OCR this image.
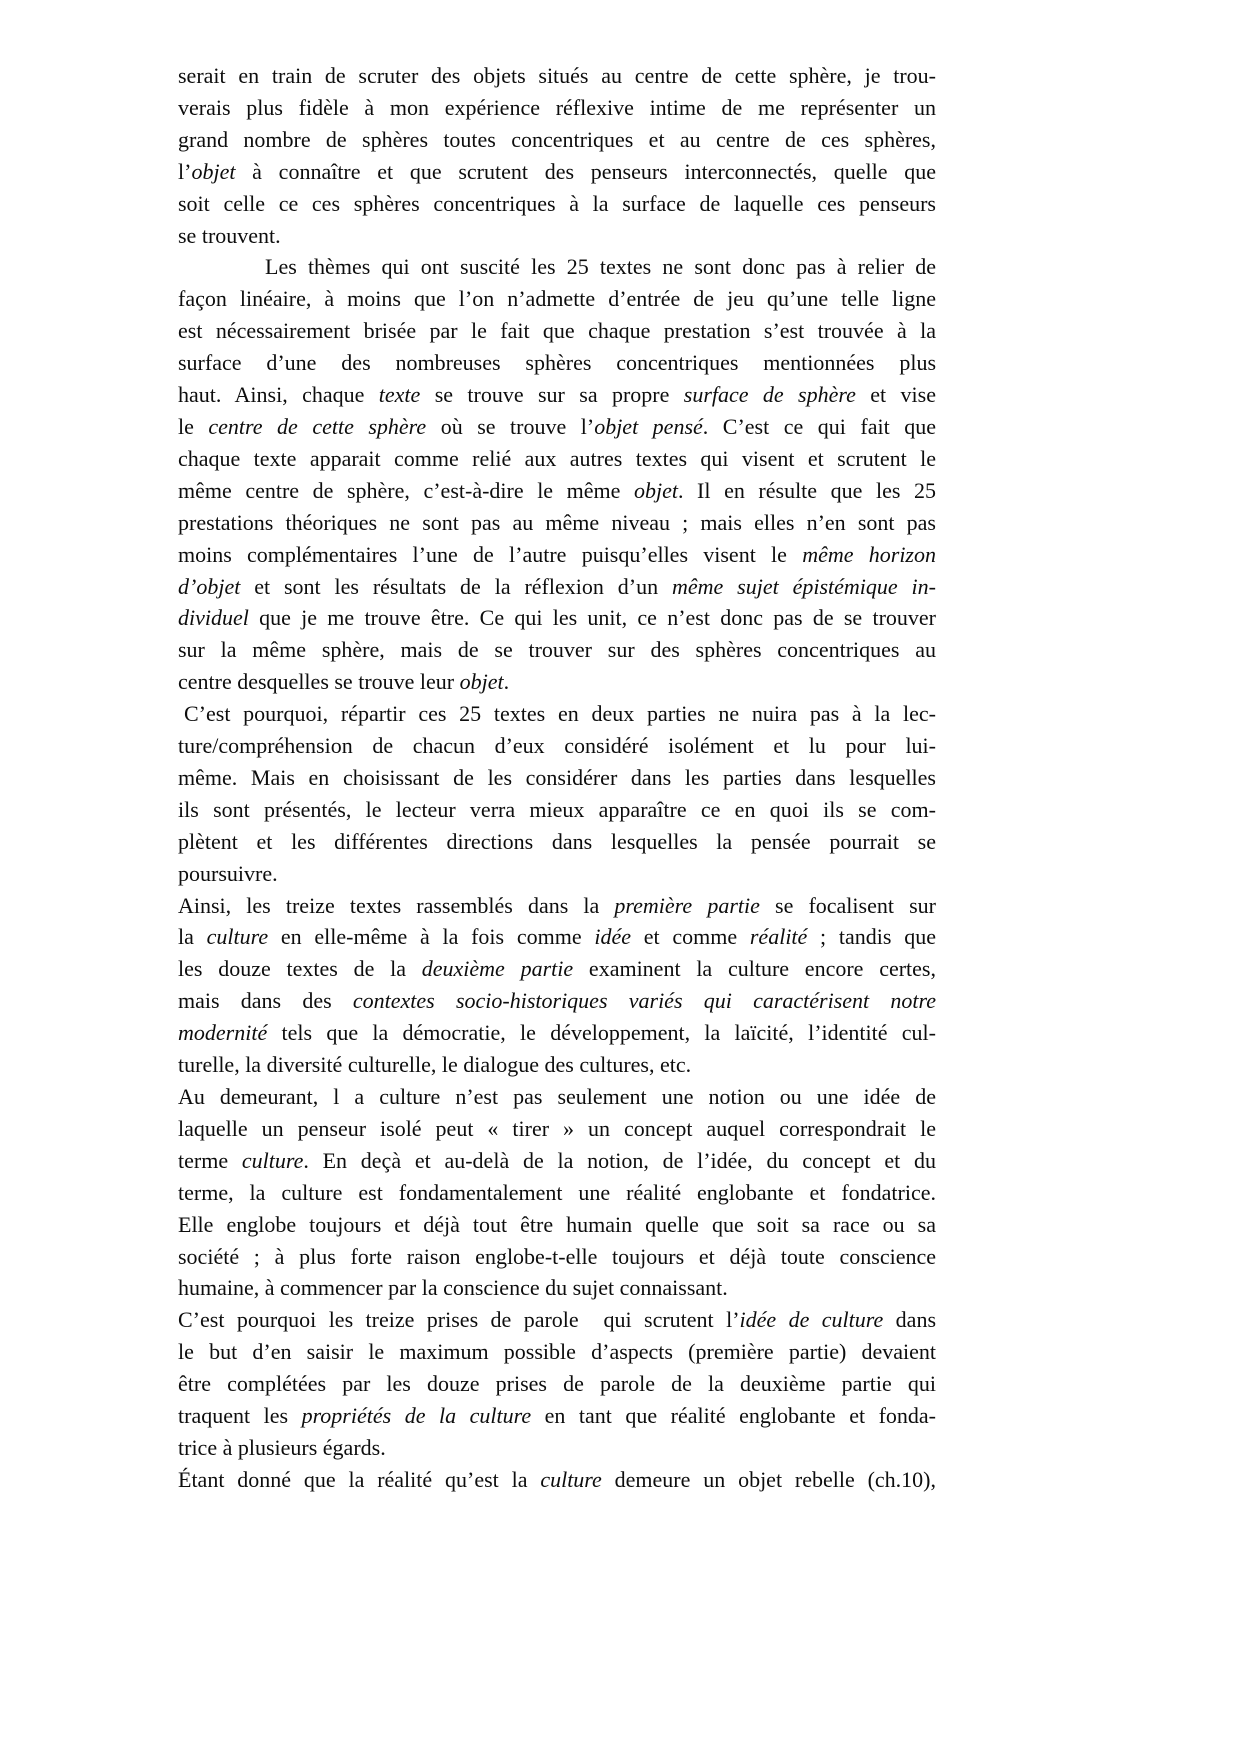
serait en train de scruter des objets situés au centre de cette sphère, je trou-
verais plus fidèle à mon expérience réflexive intime de me représenter un
grand nombre de sphères toutes concentriques et au centre de ces sphères,
l’objet à connaître et que scrutent des penseurs interconnectés, quelle que
soit celle ce ces sphères concentriques à la surface de laquelle ces penseurs
se trouvent.
Les thèmes qui ont suscité les 25 textes ne sont donc pas à relier de
façon linéaire, à moins que l’on n’admette d’entrée de jeu qu’une telle ligne
est nécessairement brisée par le fait que chaque prestation s’est trouvée à la
surface d’une des nombreuses sphères concentriques mentionnées plus
haut. Ainsi, chaque texte se trouve sur sa propre surface de sphère et vise
le centre de cette sphère où se trouve l’objet pensé. C’est ce qui fait que
chaque texte apparait comme relié aux autres textes qui visent et scrutent le
même centre de sphère, c’est-à-dire le même objet. Il en résulte que les 25
prestations théoriques ne sont pas au même niveau ; mais elles n’en sont pas
moins complémentaires l’une de l’autre puisqu’elles visent le même horizon
d’objet et sont les résultats de la réflexion d’un même sujet épistémique in-
dividuel que je me trouve être. Ce qui les unit, ce n’est donc pas de se trouver
sur la même sphère, mais de se trouver sur des sphères concentriques au
centre desquelles se trouve leur objet.
C’est pourquoi, répartir ces 25 textes en deux parties ne nuira pas à la lec-
ture/compréhension de chacun d’eux considéré isolément et lu pour lui-
même. Mais en choisissant de les considérer dans les parties dans lesquelles
ils sont présentés, le lecteur verra mieux apparaître ce en quoi ils se com-
plètent et les différentes directions dans lesquelles la pensée pourrait se
poursuivre.
Ainsi, les treize textes rassemblés dans la première partie se focalisent sur
la culture en elle-même à la fois comme idée et comme réalité ; tandis que
les douze textes de la deuxième partie examinent la culture encore certes,
mais dans des contextes socio-historiques variés qui caractérisent notre
modernité tels que la démocratie, le développement, la laïcité, l’identité cul-
turelle, la diversité culturelle, le dialogue des cultures, etc.
Au demeurant, l a culture n’est pas seulement une notion ou une idée de
laquelle un penseur isolé peut « tirer » un concept auquel correspondrait le
terme culture. En deçà et au-delà de la notion, de l’idée, du concept et du
terme, la culture est fondamentalement une réalité englobante et fondatrice.
Elle englobe toujours et déjà tout être humain quelle que soit sa race ou sa
société ; à plus forte raison englobe-t-elle toujours et déjà toute conscience
humaine, à commencer par la conscience du sujet connaissant.
C’est pourquoi les treize prises de parole  qui scrutent l’idée de culture dans
le but d’en saisir le maximum possible d’aspects (première partie) devaient
être complétées par les douze prises de parole de la deuxième partie qui
traquent les propriétés de la culture en tant que réalité englobante et fonda-
trice à plusieurs égards.
Étant donné que la réalité qu’est la culture demeure un objet rebelle (ch.10),
